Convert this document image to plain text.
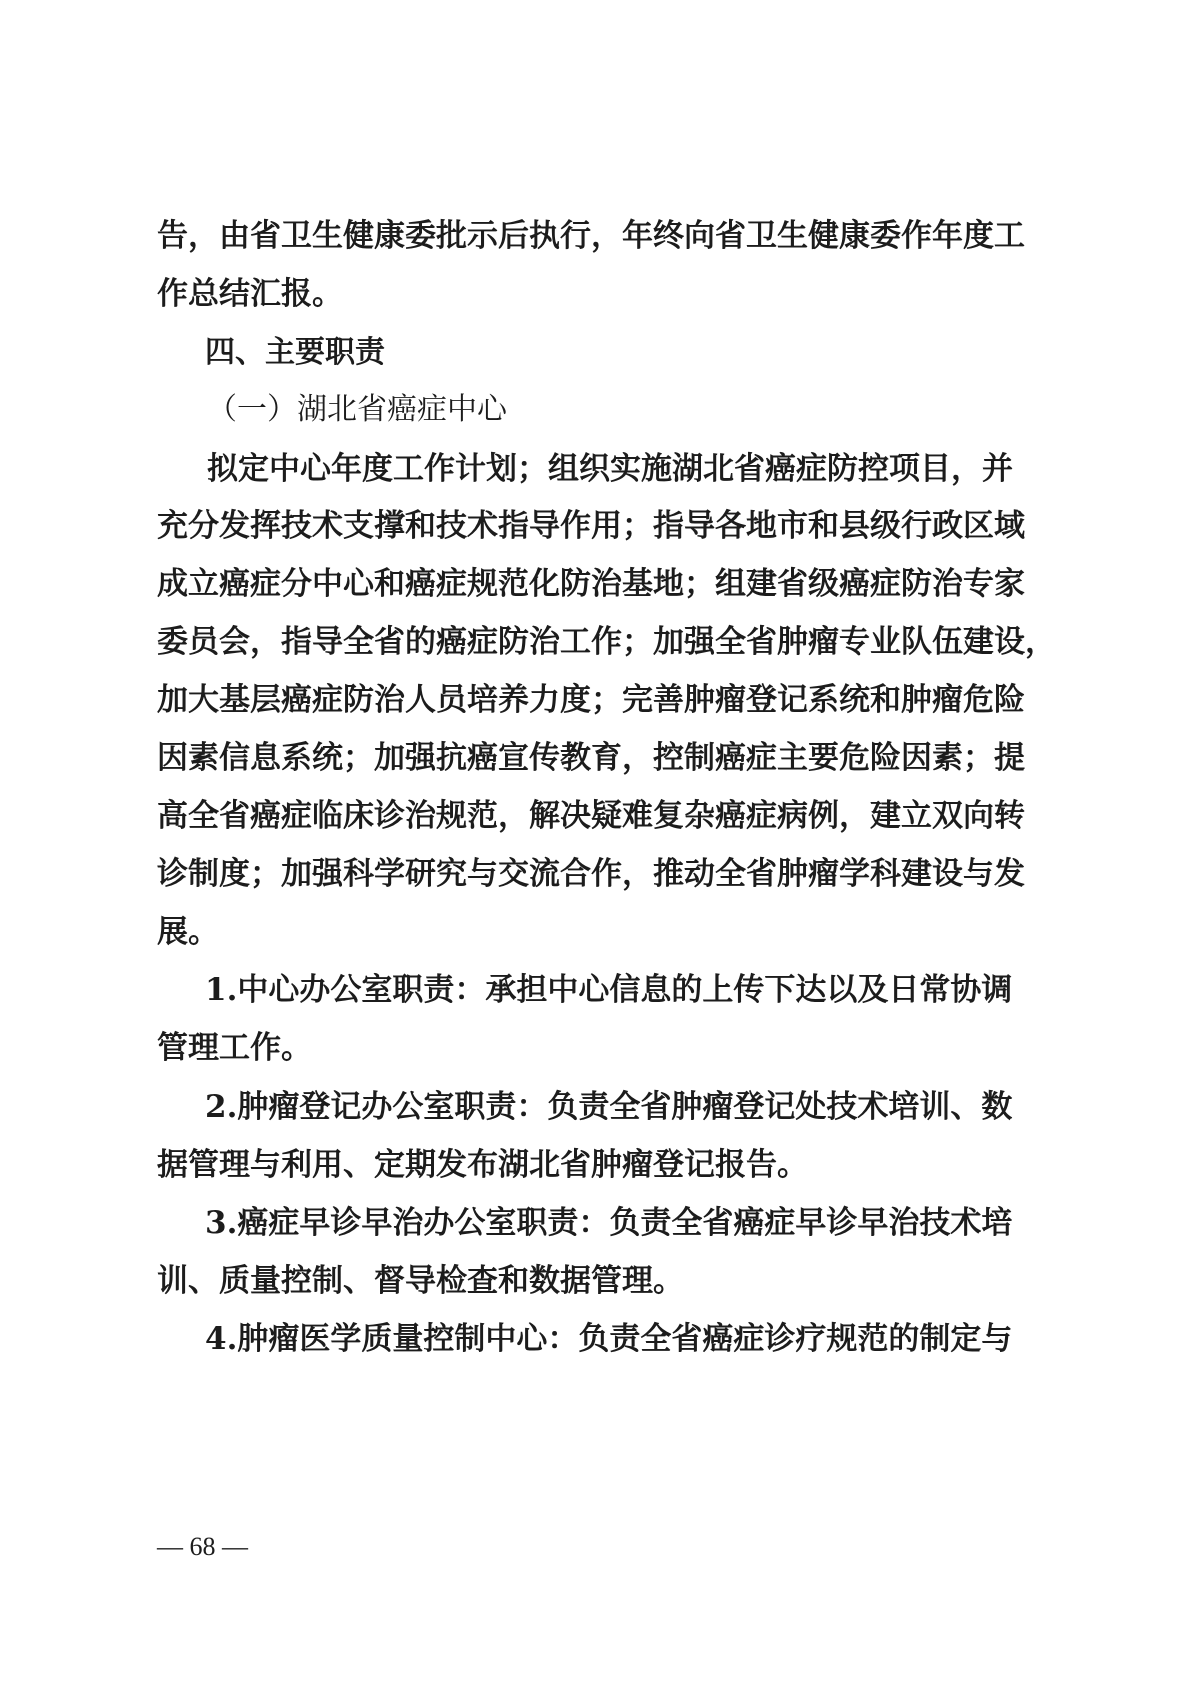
告，由省卫生健康委批示后执行，年终向省卫生健康委作年度工
作总结汇报。
四、主要职责
（一）湖北省癌症中心
拟定中心年度工作计划；组织实施湖北省癌症防控项目，并
充分发挥技术支撑和技术指导作用；指导各地市和县级行政区域
成立癌症分中心和癌症规范化防治基地；组建省级癌症防治专家
委员会，指导全省的癌症防治工作；加强全省肿瘤专业队伍建设，
加大基层癌症防治人员培养力度；完善肿瘤登记系统和肿瘤危险
因素信息系统；加强抗癌宣传教育，控制癌症主要危险因素；提
高全省癌症临床诊治规范，解决疑难复杂癌症病例，建立双向转
诊制度；加强科学研究与交流合作，推动全省肿瘤学科建设与发
展。
1.中心办公室职责：承担中心信息的上传下达以及日常协调
管理工作。
2.肿瘤登记办公室职责：负责全省肿瘤登记处技术培训、数
据管理与利用、定期发布湖北省肿瘤登记报告。
3.癌症早诊早治办公室职责：负责全省癌症早诊早治技术培
训、质量控制、督导检查和数据管理。
4.肿瘤医学质量控制中心：负责全省癌症诊疗规范的制定与
— 68 —
